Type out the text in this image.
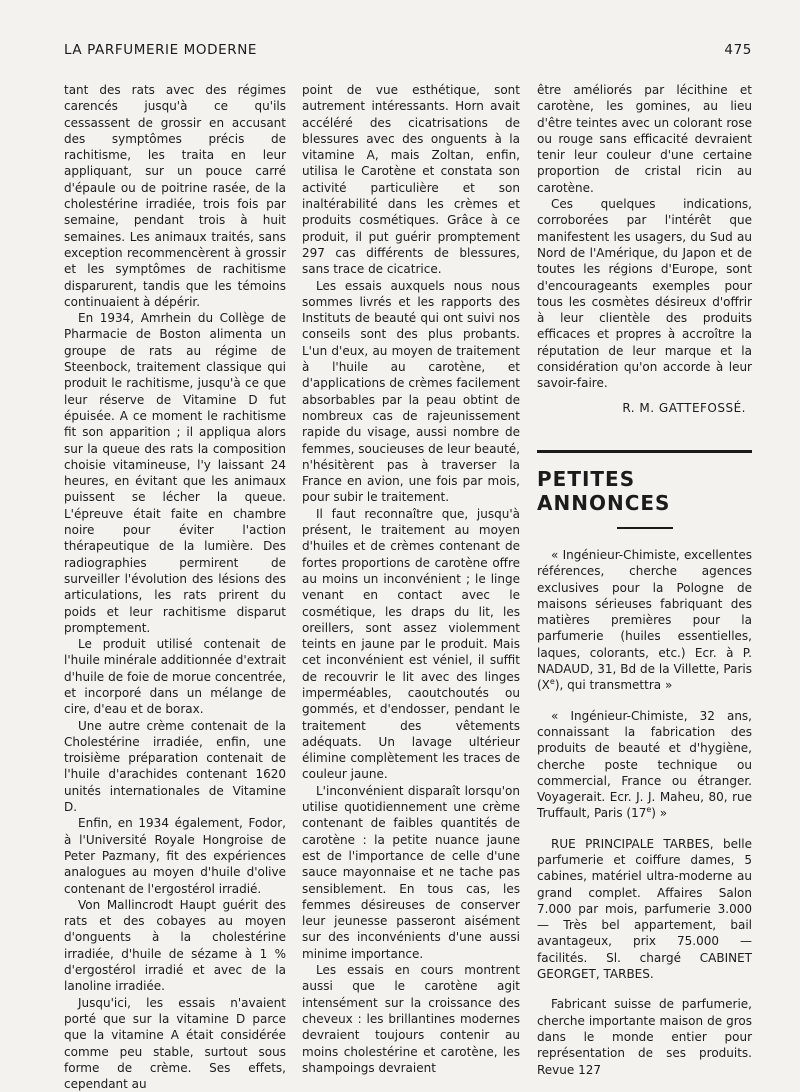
LA PARFUMERIE MODERNE	475

tant des rats avec des régimes carencés jusqu'à ce qu'ils cessassent de grossir en accusant des symptômes précis de rachitisme, les traita en leur appliquant, sur un pouce carré d'épaule ou de poitrine rasée, de la cholestérine irradiée, trois fois par semaine, pendant trois à huit semaines. Les animaux traités, sans exception recommencèrent à grossir et les symptômes de rachitisme disparurent, tandis que les témoins continuaient à dépérir.

En 1934, Amrhein du Collège de Pharmacie de Boston alimenta un groupe de rats au régime de Steenbock, traitement classique qui produit le rachitisme, jusqu'à ce que leur réserve de Vitamine D fut épuisée. A ce moment le rachitisme fit son apparition ; il appliqua alors sur la queue des rats la composition choisie vitamineuse, l'y laissant 24 heures, en évitant que les animaux puissent se lécher la queue. L'épreuve était faite en chambre noire pour éviter l'action thérapeutique de la lumière. Des radiographies permirent de surveiller l'évolution des lésions des articulations, les rats prirent du poids et leur rachitisme disparut promptement.

Le produit utilisé contenait de l'huile minérale additionnée d'extrait d'huile de foie de morue concentrée, et incorporé dans un mélange de cire, d'eau et de borax.

Une autre crème contenait de la Cholestérine irradiée, enfin, une troisième préparation contenait de l'huile d'arachides contenant 1620 unités internationales de Vitamine D.

Enfin, en 1934 également, Fodor, à l'Université Royale Hongroise de Peter Pazmany, fit des expériences analogues au moyen d'huile d'olive contenant de l'ergostérol irradié.

Von Mallincrodt Haupt guérit des rats et des cobayes au moyen d'onguents à la cholestérine irradiée, d'huile de sézame à 1 % d'ergostérol irradié et avec de la lanoline irradiée.

Jusqu'ici, les essais n'avaient porté que sur la vitamine D parce que la vitamine A était considérée comme peu stable, surtout sous forme de crème. Ses effets, cependant au

point de vue esthétique, sont autrement intéressants. Horn avait accéléré des cicatrisations de blessures avec des onguents à la vitamine A, mais Zoltan, enfin, utilisa le Carotène et constata son activité particulière et son inaltérabilité dans les crèmes et produits cosmétiques. Grâce à ce produit, il put guérir promptement 297 cas différents de blessures, sans trace de cicatrice.

Les essais auxquels nous nous sommes livrés et les rapports des Instituts de beauté qui ont suivi nos conseils sont des plus probants. L'un d'eux, au moyen de traitement à l'huile au carotène, et d'applications de crèmes facilement absorbables par la peau obtint de nombreux cas de rajeunissement rapide du visage, aussi nombre de femmes, soucieuses de leur beauté, n'hésitèrent pas à traverser la France en avion, une fois par mois, pour subir le traitement.

Il faut reconnaître que, jusqu'à présent, le traitement au moyen d'huiles et de crèmes contenant de fortes proportions de carotène offre au moins un inconvénient ; le linge venant en contact avec le cosmétique, les draps du lit, les oreillers, sont assez violemment teints en jaune par le produit. Mais cet inconvénient est véniel, il suffit de recouvrir le lit avec des linges imperméables, caoutchoutés ou gommés, et d'endosser, pendant le traitement des vêtements adéquats. Un lavage ultérieur élimine complètement les traces de couleur jaune.

L'inconvénient disparaît lorsqu'on utilise quotidiennement une crème contenant de faibles quantités de carotène : la petite nuance jaune est de l'importance de celle d'une sauce mayonnaise et ne tache pas sensiblement. En tous cas, les femmes désireuses de conserver leur jeunesse passeront aisément sur des inconvénients d'une aussi minime importance.

Les essais en cours montrent aussi que le carotène agit intensément sur la croissance des cheveux : les brillantines modernes devraient toujours contenir au moins cholestérine et carotène, les shampoings devraient

être améliorés par lécithine et carotène, les gomines, au lieu d'être teintes avec un colorant rose ou rouge sans efficacité devraient tenir leur couleur d'une certaine proportion de cristal ricin au carotène.

Ces quelques indications, corroborées par l'intérêt que manifestent les usagers, du Sud au Nord de l'Amérique, du Japon et de toutes les régions d'Europe, sont d'encourageants exemples pour tous les cosmètes désireux d'offrir à leur clientèle des produits efficaces et propres à accroître la réputation de leur marque et la considération qu'on accorde à leur savoir-faire.

R. M. GATTEFOSSÉ.
PETITES ANNONCES

« Ingénieur-Chimiste, excellentes références, cherche agences exclusives pour la Pologne de maisons sérieuses fabriquant des matières premières pour la parfumerie (huiles essentielles, laques, colorants, etc.) Ecr. à P. NADAUD, 31, Bd de la Villette, Paris (Xe), qui transmettra »

« Ingénieur-Chimiste, 32 ans, connaissant la fabrication des produits de beauté et d'hygiène, cherche poste technique ou commercial, France ou étranger. Voyagerait. Ecr. J. J. Maheu, 80, rue Truffault, Paris (17e) »

RUE PRINCIPALE TARBES, belle parfumerie et coiffure dames, 5 cabines, matériel ultra-moderne au grand complet. Affaires Salon 7.000 par mois, parfumerie 3.000 — Très bel appartement, bail avantageux, prix 75.000 — facilités. Sl. chargé CABINET GEORGET, TARBES.

Fabricant suisse de parfumerie, cherche importante maison de gros dans le monde entier pour représentation de ses produits. Revue 127
